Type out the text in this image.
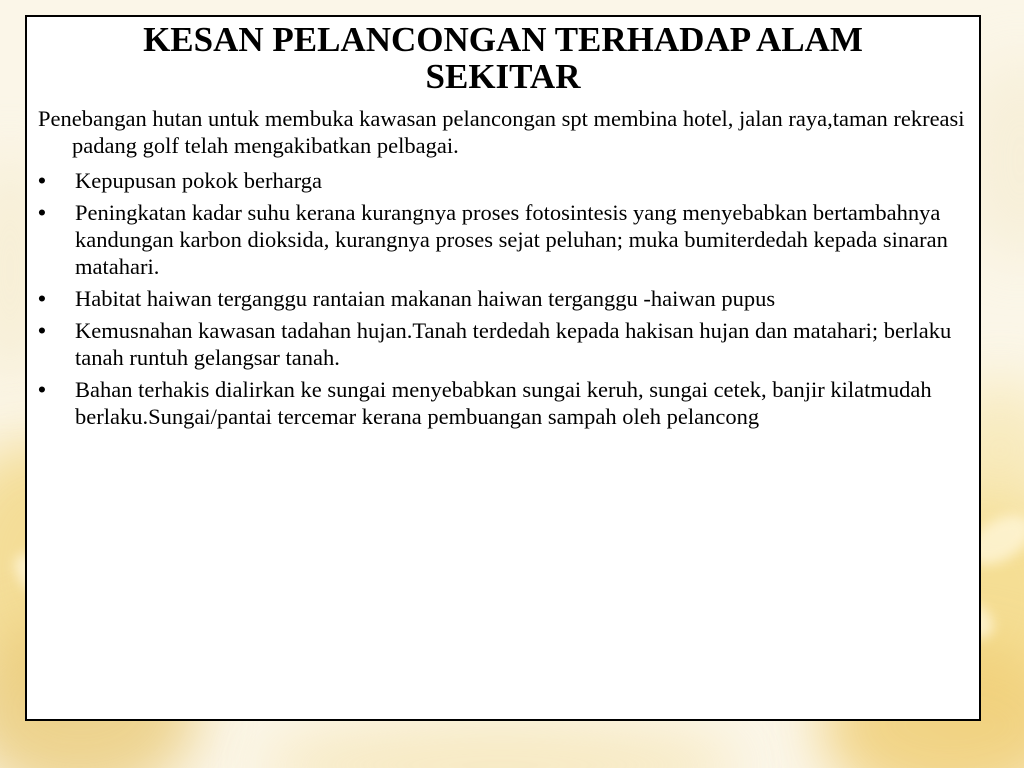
KESAN PELANCONGAN TERHADAP ALAM
SEKITAR

Penebangan hutan untuk membuka kawasan pelancongan spt membina hotel, jalan raya,taman rekreasi padang golf telah mengakibatkan pelbagai.

•	Kepupusan pokok berharga
•	Peningkatan kadar suhu kerana kurangnya proses fotosintesis yang menyebabkan bertambahnya kandungan karbon dioksida, kurangnya proses sejat peluhan; muka bumiterdedah kepada sinaran matahari.
•	Habitat haiwan terganggu rantaian makanan haiwan terganggu -haiwan pupus
•	Kemusnahan kawasan tadahan hujan.Tanah terdedah kepada hakisan hujan dan matahari; berlaku tanah runtuh gelangsar tanah.
•	Bahan terhakis dialirkan ke sungai menyebabkan sungai keruh, sungai cetek, banjir kilatmudah berlaku.Sungai/pantai tercemar kerana pembuangan sampah oleh pelancong
